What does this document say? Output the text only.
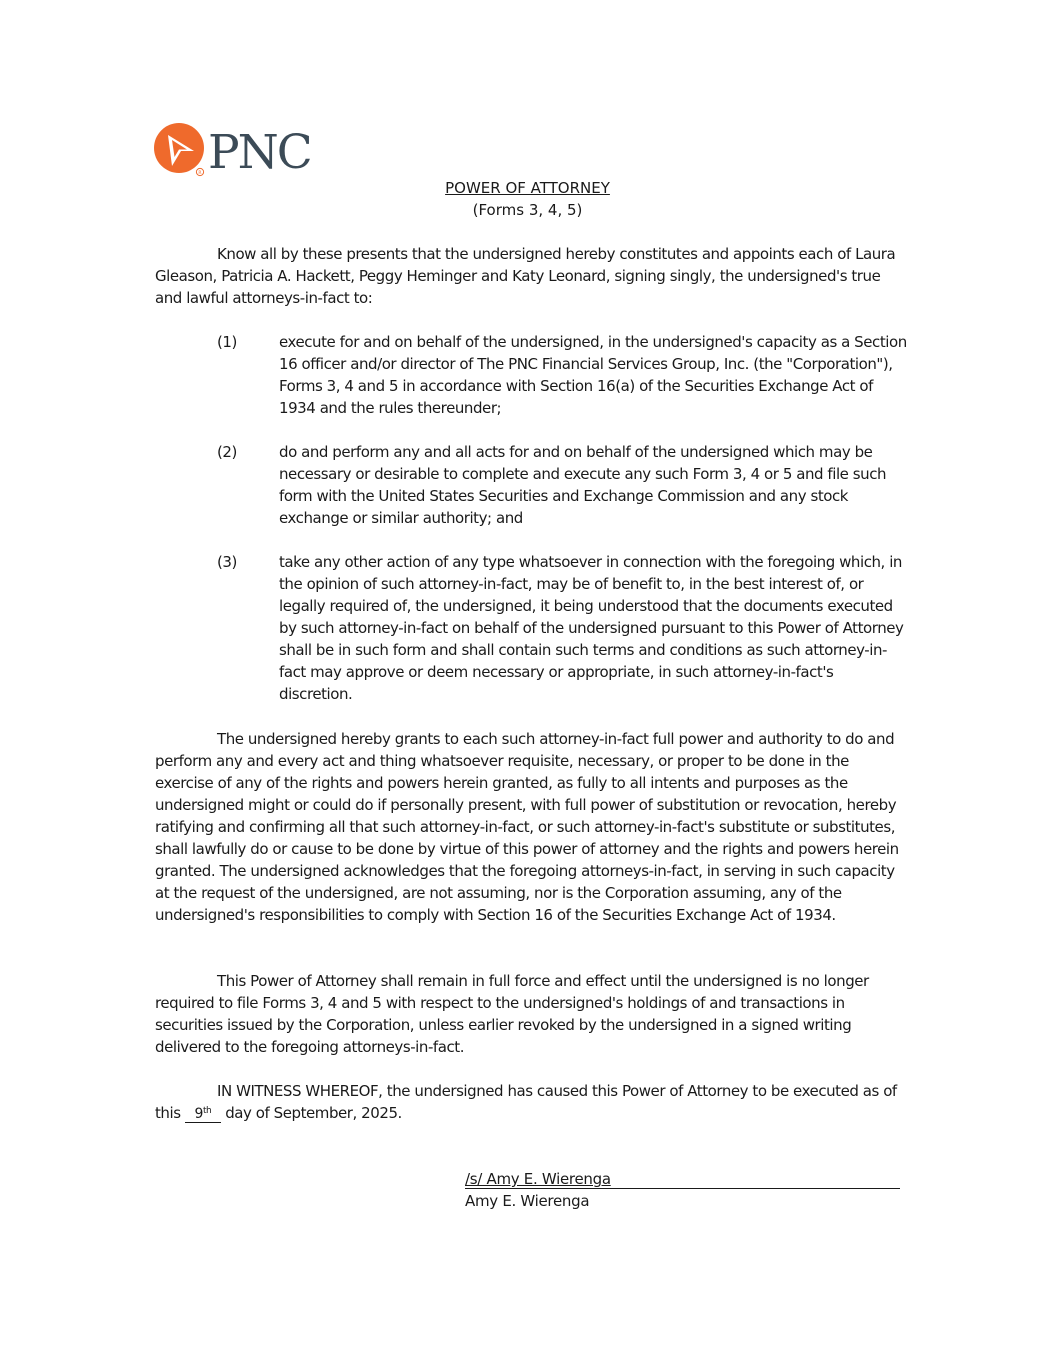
R PNC
POWER OF ATTORNEY
(Forms 3, 4, 5)

Know all by these presents that the undersigned hereby constitutes and appoints each of Laura Gleason, Patricia A. Hackett, Peggy Heminger and Katy Leonard, signing singly, the undersigned's true and lawful attorneys-in-fact to:

(1)	execute for and on behalf of the undersigned, in the undersigned's capacity as a Section 16 officer and/or director of The PNC Financial Services Group, Inc. (the "Corporation"), Forms 3, 4 and 5 in accordance with Section 16(a) of the Securities Exchange Act of 1934 and the rules thereunder;

(2)	do and perform any and all acts for and on behalf of the undersigned which may be necessary or desirable to complete and execute any such Form 3, 4 or 5 and file such form with the United States Securities and Exchange Commission and any stock exchange or similar authority; and

(3)	take any other action of any type whatsoever in connection with the foregoing which, in the opinion of such attorney-in-fact, may be of benefit to, in the best interest of, or legally required of, the undersigned, it being understood that the documents executed by such attorney-in-fact on behalf of the undersigned pursuant to this Power of Attorney shall be in such form and shall contain such terms and conditions as such attorney-in-fact may approve or deem necessary or appropriate, in such attorney-in-fact's discretion.

The undersigned hereby grants to each such attorney-in-fact full power and authority to do and perform any and every act and thing whatsoever requisite, necessary, or proper to be done in the exercise of any of the rights and powers herein granted, as fully to all intents and purposes as the undersigned might or could do if personally present, with full power of substitution or revocation, hereby ratifying and confirming all that such attorney-in-fact, or such attorney-in-fact's substitute or substitutes, shall lawfully do or cause to be done by virtue of this power of attorney and the rights and powers herein granted. The undersigned acknowledges that the foregoing attorneys-in-fact, in serving in such capacity at the request of the undersigned, are not assuming, nor is the Corporation assuming, any of the undersigned's responsibilities to comply with Section 16 of the Securities Exchange Act of 1934.

This Power of Attorney shall remain in full force and effect until the undersigned is no longer required to file Forms 3, 4 and 5 with respect to the undersigned's holdings of and transactions in securities issued by the Corporation, unless earlier revoked by the undersigned in a signed writing delivered to the foregoing attorneys-in-fact.

IN WITNESS WHEREOF, the undersigned has caused this Power of Attorney to be executed as of this 9th day of September, 2025.

/s/ Amy E. Wierenga
Amy E. Wierenga
